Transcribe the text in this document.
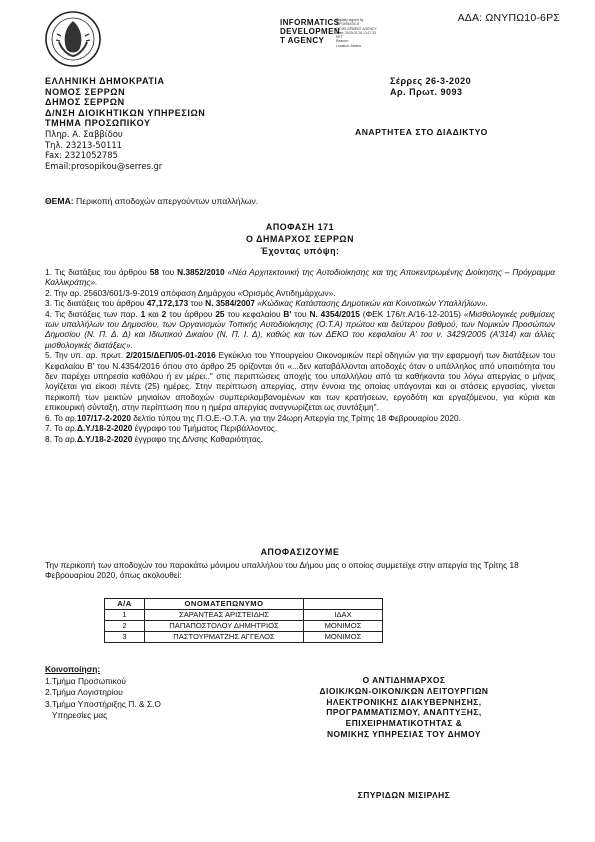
ΑΔΑ: ΩΝΥΠΩ10-6ΡΣ
INFORMATICS
DEVELOPMEN
T AGENCY
Digitally signed by
INFORMATICS
DEVELOPMENT AGENCY
Date: 2020.03.26 13:17:33
EET
Reason:
Location: Athens
ΕΛΛΗΝΙΚΗ ΔΗΜΟΚΡΑΤΙΑ
ΝΟΜΟΣ ΣΕΡΡΩΝ
ΔΗΜΟΣ ΣΕΡΡΩΝ
Δ/ΝΣΗ ΔΙΟΙΚΗΤΙΚΩΝ ΥΠΗΡΕΣΙΩΝ
ΤΜΗΜΑ ΠΡΟΣΩΠΙΚΟΥ
Πληρ. Α. Σαββίδου
Τηλ. 23213-50111
Fax: 2321052785
Email:prosopikou@serres.gr
Σέρρες 26-3-2020
Αρ. Πρωτ. 9093
ΑΝΑΡΤΗΤΕΑ ΣΤΟ ΔΙΑΔΙΚΤΥΟ
ΘΕΜΑ: Περικοπή αποδοχών απεργούντων υπαλλήλων.
ΑΠΟΦΑΣΗ 171
Ο ΔΗΜΑΡΧΟΣ ΣΕΡΡΩΝ
Έχοντας υπόψη:

1. Τις διατάξεις του άρθρου 58 του Ν.3852/2010 «Νέα Αρχιτεκτονική της Αυτοδιοίκησης και της Αποκεντρωμένης Διοίκησης – Πρόγραμμα Καλλικράτης».

2. Την αρ. 25603/601/3-9-2019 απόφαση Δημάρχου «Ορισμός Αντιδημάρχων».

3. Τις διατάξεις του άρθρου 47,172,173 του Ν. 3584/2007 «Κώδικας Κατάστασης Δημοτικών και Κοινοτικών Υπαλλήλων».

4. Τις διατάξεις των παρ. 1 και 2 του άρθρου 25 του κεφαλαίου Β' του Ν. 4354/2015 (ΦΕΚ 176/τ.Α/16-12-2015) «Μισθολογικές ρυθμίσεις των υπαλλήλων του Δημοσίου, των Οργανισμών Τοπικής Αυτοδιοίκησης (Ο.Τ.Α) πρώτου και δεύτερου βαθμού, των Νομικών Προσώπων Δημοσίου (Ν. Π. Δ. Δ) και Ιδιωτικού Δικαίου (Ν. Π. Ι. Δ), καθώς και των ΔΕΚΟ του κεφαλαίου Α' του ν. 3429/2005 (Α'314) και άλλες μισθολογικές διατάξεις».

5. Την υπ. αρ. πρωτ. 2/2015/ΔΕΠ/05-01-2016 Εγκύκλιο του Υπουργείου Οικονομικών περί οδηγιών για την εφαρμογή των διατάξεων του Κεφαλαίου Β' του Ν.4354/2016 όπου στο άρθρο 25 ορίζονται ότι «...δεν καταβάλλονται αποδοχές όταν ο υπάλληλος από υπαιτιότητα του δεν παρέχει υπηρεσία καθόλου ή εν μέρει.." στις περιπτώσεις αποχής του υπαλλήλου από τα καθήκοντα του λόγω απεργίας ο μήνας λογίζεται για είκοσι πέντε (25) ημέρες. Στην περίπτωση απεργίας, στην έννοια της οποίας υπάγονται και οι στάσεις εργασίας, γίνεται περικοπή των μεικτών μηνιαίων αποδοχών συμπεριλαμβανομένων και των κρατήσεων, εργοδότη και εργαζόμενου, για κύρια και επικουρική σύνταξη, στην περίπτωση που η ημέρα απεργίας αναγνωρίζεται ως συντάξιμη".

6. Το αρ.107/17-2-2020 δελτίο τύπου της Π.Ο.Ε.-Ο.Τ.Α. για την 24ωρη Απεργία της Τρίτης 18 Φεβρουαρίου 2020.

7. Το αρ.Δ.Υ./18-2-2020 έγγραφο του Τμήματος Περιβάλλοντος.

8. Το αρ.Δ.Υ./18-2-2020 έγγραφο της Δ/νσης Καθαριότητας.

ΑΠΟΦΑΣΙΖΟΥΜΕ
Την περικοπή των αποδοχών του παρακάτω μόνιμου υπαλλήλου του Δήμου μας ο οποίος συμμετείχε στην απεργία της Τρίτης 18 Φεβρουαρίου 2020, όπως ακολουθεί:
Α/Α	ΟΝΟΜΑΤΕΠΩΝΥΜΟ	
1	ΣΑΡΑΝΤΕΑΣ ΑΡΙΣΤΕΙΔΗΣ	ΙΔΑΧ
2	ΠΑΠΑΠΟΣΤΟΛΟΥ ΔΗΜΗΤΡΙΟΣ	ΜΟΝΙΜΟΣ
3	ΠΑΣΤΟΥΡΜΑΤΖΗΣ ΑΓΓΕΛΟΣ	ΜΟΝΙΜΟΣ
Κοινοποίηση:
1.Τμήμα Προσωπικού
2.Τμήμα Λογιστηρίου
3.Τμήμα Υποστήριξης Π. & Σ.Ο
Υπηρεσίες μας
Ο ΑΝΤΙΔΗΜΑΡΧΟΣ
ΔΙΟΙΚ/ΚΩΝ-ΟΙΚΟΝ/ΚΩΝ ΛΕΙΤΟΥΡΓΙΩΝ
ΗΛΕΚΤΡΟΝΙΚΗΣ ΔΙΑΚΥΒΕΡΝΗΣΗΣ,
ΠΡΟΓΡΑΜΜΑΤΙΣΜΟΥ, ΑΝΑΠΤΥΞΗΣ,
ΕΠΙΧΕΙΡΗΜΑΤΙΚΟΤΗΤΑΣ &
ΝΟΜΙΚΗΣ ΥΠΗΡΕΣΙΑΣ ΤΟΥ ΔΗΜΟΥ
ΣΠΥΡΙΔΩΝ ΜΙΣΙΡΛΗΣ
